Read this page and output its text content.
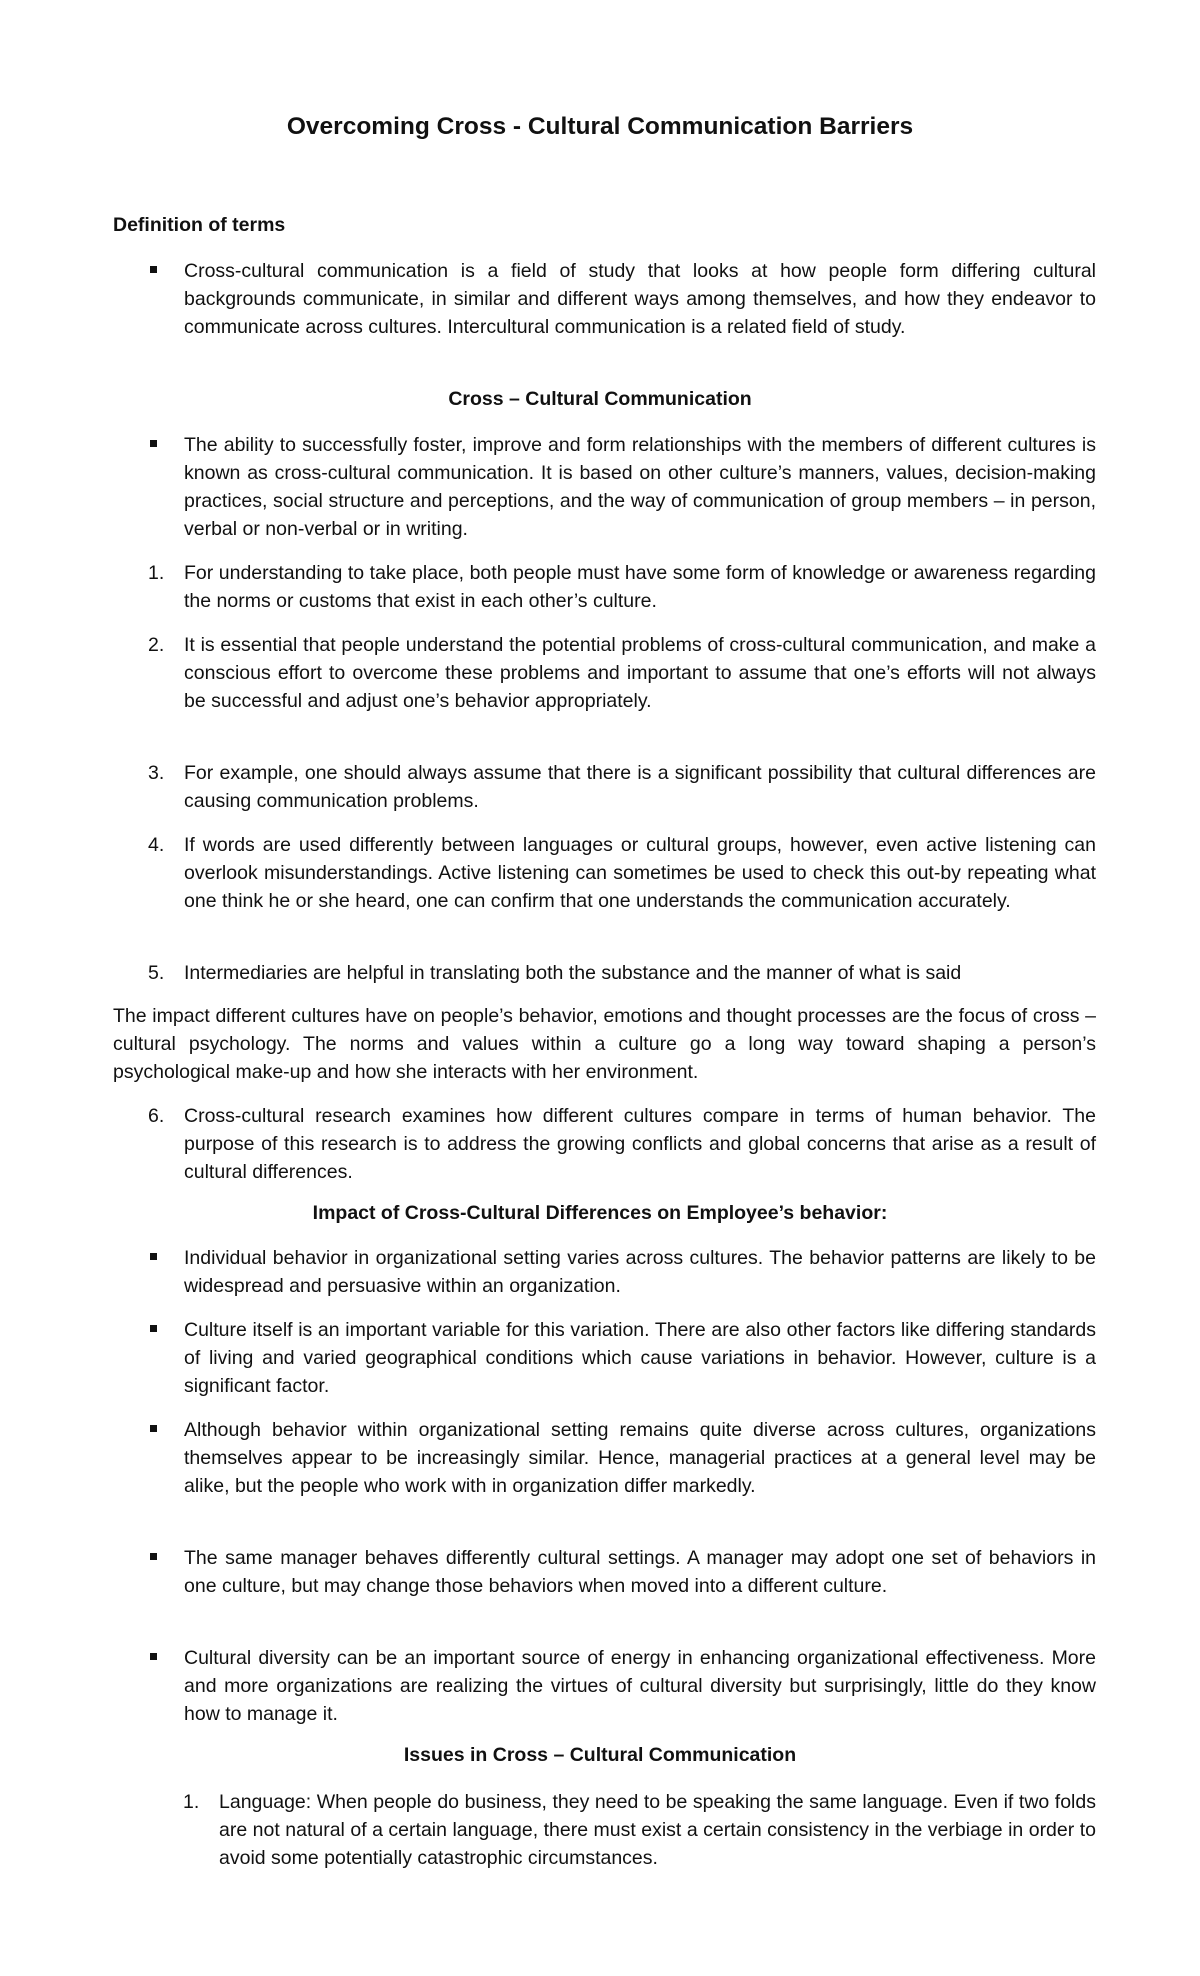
Overcoming Cross - Cultural Communication Barriers
Definition of terms
Cross-cultural communication is a field of study that looks at how people form differing cultural backgrounds communicate, in similar and different ways among themselves, and how they endeavor to communicate across cultures. Intercultural communication is a related field of study.
Cross – Cultural Communication
The ability to successfully foster, improve and form relationships with the members of different cultures is known as cross-cultural communication. It is based on other culture’s manners, values, decision-making practices, social structure and perceptions, and the way of communication of group members – in person, verbal or non-verbal or in writing.
1.	For understanding to take place, both people must have some form of knowledge or awareness regarding the norms or customs that exist in each other’s culture.
2.	It is essential that people understand the potential problems of cross-cultural communication, and make a conscious effort to overcome these problems and important to assume that one’s efforts will not always be successful and adjust one’s behavior appropriately.
3.	For example, one should always assume that there is a significant possibility that cultural differences are causing communication problems.
4.	If words are used differently between languages or cultural groups, however, even active listening can overlook misunderstandings. Active listening can sometimes be used to check this out-by repeating what one think he or she heard, one can confirm that one understands the communication accurately.
5.	Intermediaries are helpful in translating both the substance and the manner of what is said
The impact different cultures have on people’s behavior, emotions and thought processes are the focus of cross – cultural psychology. The norms and values within a culture go a long way toward shaping a person’s psychological make-up and how she interacts with her environment.
6.	Cross-cultural research examines how different cultures compare in terms of human behavior. The purpose of this research is to address the growing conflicts and global concerns that arise as a result of cultural differences.
Impact of Cross-Cultural Differences on Employee’s behavior:
Individual behavior in organizational setting varies across cultures. The behavior patterns are likely to be widespread and persuasive within an organization.
Culture itself is an important variable for this variation. There are also other factors like differing standards of living and varied geographical conditions which cause variations in behavior. However, culture is a significant factor.
Although behavior within organizational setting remains quite diverse across cultures, organizations themselves appear to be increasingly similar. Hence, managerial practices at a general level may be alike, but the people who work with in organization differ markedly.
The same manager behaves differently cultural settings. A manager may adopt one set of behaviors in one culture, but may change those behaviors when moved into a different culture.
Cultural diversity can be an important source of energy in enhancing organizational effectiveness. More and more organizations are realizing the virtues of cultural diversity but surprisingly, little do they know how to manage it.
Issues in Cross – Cultural Communication
1.	Language: When people do business, they need to be speaking the same language. Even if two folds are not natural of a certain language, there must exist a certain consistency in the verbiage in order to avoid some potentially catastrophic circumstances.
